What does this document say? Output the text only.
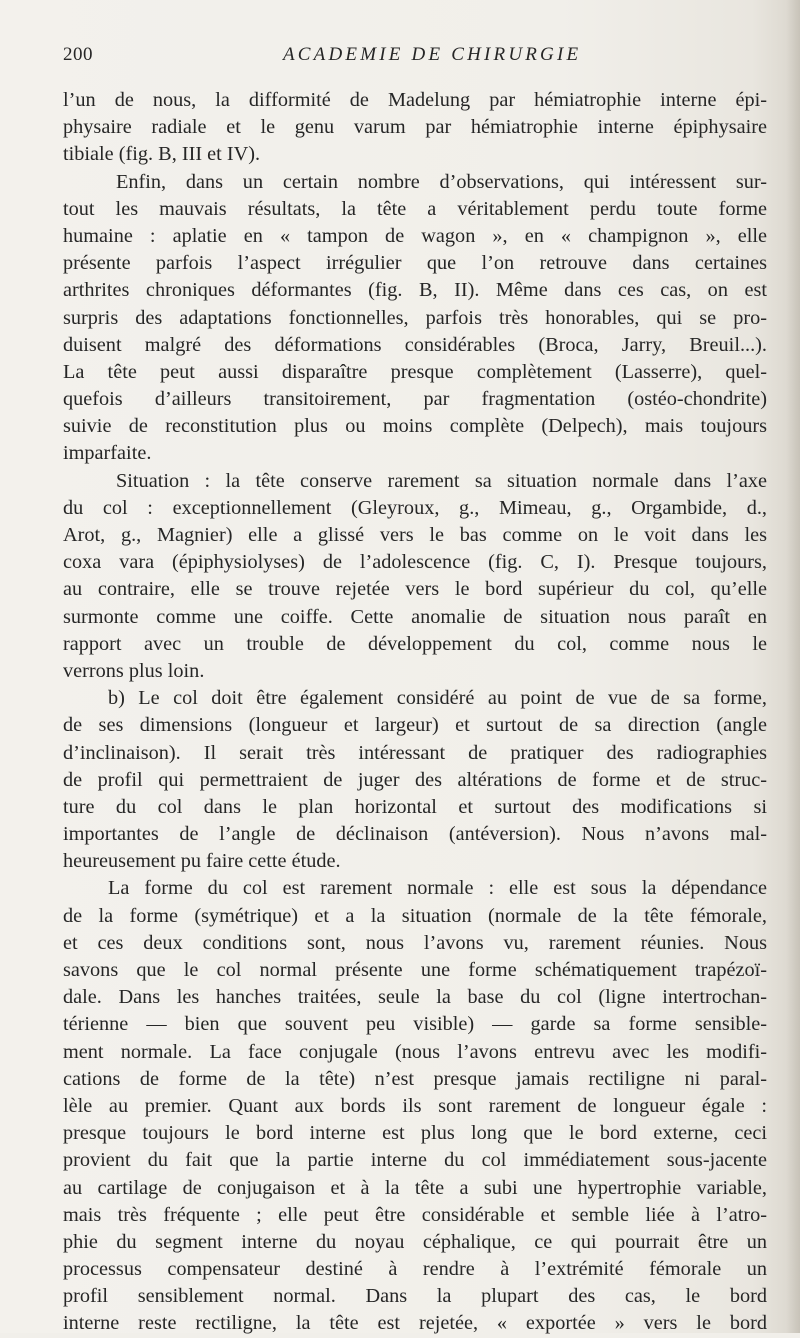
200	ACADEMIE DE CHIRURGIE
l’un de nous, la difformité de Madelung par hémiatrophie interne épi-
physaire radiale et le genu varum par hémiatrophie interne épiphysaire
tibiale (fig. B, III et IV).
Enfin, dans un certain nombre d’observations, qui intéressent sur-
tout les mauvais résultats, la tête a véritablement perdu toute forme
humaine : aplatie en « tampon de wagon », en « champignon », elle
présente parfois l’aspect irrégulier que l’on retrouve dans certaines
arthrites chroniques déformantes (fig. B, II). Même dans ces cas, on est
surpris des adaptations fonctionnelles, parfois très honorables, qui se pro-
duisent malgré des déformations considérables (Broca, Jarry, Breuil...).
La tête peut aussi disparaître presque complètement (Lasserre), quel-
quefois d’ailleurs transitoirement, par fragmentation (ostéo-chondrite)
suivie de reconstitution plus ou moins complète (Delpech), mais toujours
imparfaite.
Situation : la tête conserve rarement sa situation normale dans l’axe
du col : exceptionnellement (Gleyroux, g., Mimeau, g., Orgambide, d.,
Arot, g., Magnier) elle a glissé vers le bas comme on le voit dans les
coxa vara (épiphysiolyses) de l’adolescence (fig. C, I). Presque toujours,
au contraire, elle se trouve rejetée vers le bord supérieur du col, qu’elle
surmonte comme une coiffe. Cette anomalie de situation nous paraît en
rapport avec un trouble de développement du col, comme nous le
verrons plus loin.
b) Le col doit être également considéré au point de vue de sa forme,
de ses dimensions (longueur et largeur) et surtout de sa direction (angle
d’inclinaison). Il serait très intéressant de pratiquer des radiographies
de profil qui permettraient de juger des altérations de forme et de struc-
ture du col dans le plan horizontal et surtout des modifications si
importantes de l’angle de déclinaison (antéversion). Nous n’avons mal-
heureusement pu faire cette étude.
La forme du col est rarement normale : elle est sous la dépendance
de la forme (symétrique) et a la situation (normale de la tête fémorale,
et ces deux conditions sont, nous l’avons vu, rarement réunies. Nous
savons que le col normal présente une forme schématiquement trapézoï-
dale. Dans les hanches traitées, seule la base du col (ligne intertrochan-
térienne — bien que souvent peu visible) — garde sa forme sensible-
ment normale. La face conjugale (nous l’avons entrevu avec les modifi-
cations de forme de la tête) n’est presque jamais rectiligne ni paral-
lèle au premier. Quant aux bords ils sont rarement de longueur égale :
presque toujours le bord interne est plus long que le bord externe, ceci
provient du fait que la partie interne du col immédiatement sous-jacente
au cartilage de conjugaison et à la tête a subi une hypertrophie variable,
mais très fréquente ; elle peut être considérable et semble liée à l’atro-
phie du segment interne du noyau céphalique, ce qui pourrait être un
processus compensateur destiné à rendre à l’extrémité fémorale un
profil sensiblement normal. Dans la plupart des cas, le bord
interne reste rectiligne, la tête est rejetée, « exportée » vers le bord
